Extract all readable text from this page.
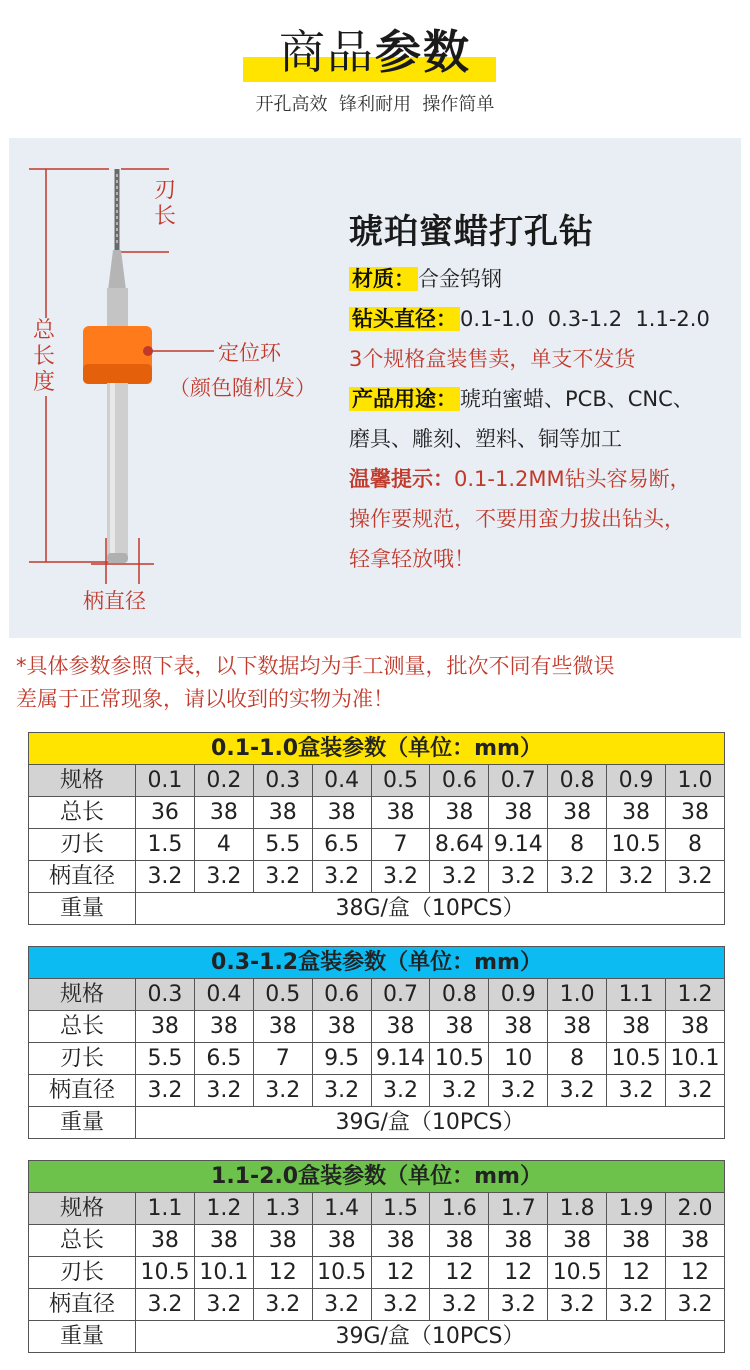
商品参数
开孔高效  锋利耐用  操作简单
刃长
总长度
定位环
（颜色随机发）
柄直径
琥珀蜜蜡打孔钻
材质： 合金钨钢
钻头直径： 0.1-1.0  0.3-1.2  1.1-2.0
3个规格盒装售卖，单支不发货
产品用途： 琥珀蜜蜡、PCB、CNC、
磨具、雕刻、塑料、铜等加工
温馨提示：0.1-1.2MM钻头容易断，
操作要规范，不要用蛮力拔出钻头，
轻拿轻放哦！
*具体参数参照下表，以下数据均为手工测量，批次不同有些微误
差属于正常现象，请以收到的实物为准！
0.1-1.0盒装参数（单位：mm）										
规格	0.1	0.2	0.3	0.4	0.5	0.6	0.7	0.8	0.9	1.0
总长	36	38	38	38	38	38	38	38	38	38
刃长	1.5	4	5.5	6.5	7	8.64	9.14	8	10.5	8
柄直径	3.2	3.2	3.2	3.2	3.2	3.2	3.2	3.2	3.2	3.2
重量	38G/盒（10PCS）									
0.3-1.2盒装参数（单位：mm）										
规格	0.3	0.4	0.5	0.6	0.7	0.8	0.9	1.0	1.1	1.2
总长	38	38	38	38	38	38	38	38	38	38
刃长	5.5	6.5	7	9.5	9.14	10.5	10	8	10.5	10.1
柄直径	3.2	3.2	3.2	3.2	3.2	3.2	3.2	3.2	3.2	3.2
重量	39G/盒（10PCS）									
1.1-2.0盒装参数（单位：mm）										
规格	1.1	1.2	1.3	1.4	1.5	1.6	1.7	1.8	1.9	2.0
总长	38	38	38	38	38	38	38	38	38	38
刃长	10.5	10.1	12	10.5	12	12	12	10.5	12	12
柄直径	3.2	3.2	3.2	3.2	3.2	3.2	3.2	3.2	3.2	3.2
重量	39G/盒（10PCS）									
